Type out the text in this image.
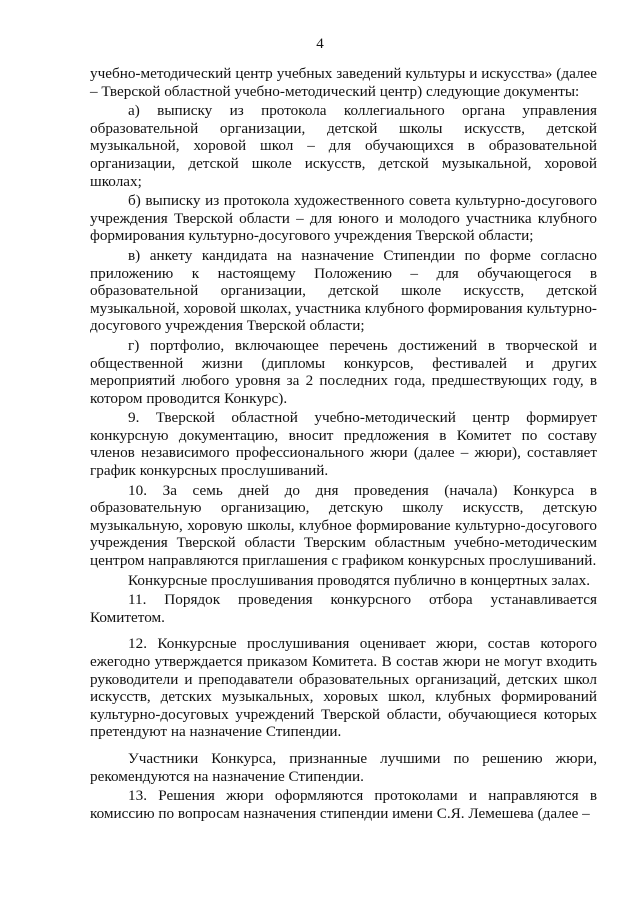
4

учебно-методический центр учебных заведений культуры и искусства» (далее – Тверской областной учебно-методический центр) следующие документы:

а) выписку из протокола коллегиального органа управления образовательной организации, детской школы искусств, детской музыкальной, хоровой школ – для обучающихся в образовательной организации, детской школе искусств, детской музыкальной, хоровой школах;

б) выписку из протокола художественного совета культурно-досугового учреждения Тверской области – для юного и молодого участника клубного формирования культурно-досугового учреждения Тверской области;

в) анкету кандидата на назначение Стипендии по форме согласно приложению к настоящему Положению – для обучающегося в образовательной организации, детской школе искусств, детской музыкальной, хоровой школах, участника клубного формирования культурно-досугового учреждения Тверской области;

г) портфолио, включающее перечень достижений в творческой и общественной жизни (дипломы конкурсов, фестивалей и других мероприятий любого уровня за 2 последних года, предшествующих году, в котором проводится Конкурс).

9. Тверской областной учебно-методический центр формирует конкурсную документацию, вносит предложения в Комитет по составу членов независимого профессионального жюри (далее – жюри), составляет график конкурсных прослушиваний.

10. За семь дней до дня проведения (начала) Конкурса в образовательную организацию, детскую школу искусств, детскую музыкальную, хоровую школы, клубное формирование культурно-досугового учреждения Тверской области Тверским областным учебно-методическим центром направляются приглашения с графиком конкурсных прослушиваний.

Конкурсные прослушивания проводятся публично в концертных залах.

11. Порядок проведения конкурсного отбора устанавливается Комитетом.

12. Конкурсные прослушивания оценивает жюри, состав которого ежегодно утверждается приказом Комитета. В состав жюри не могут входить руководители и преподаватели образовательных организаций, детских школ искусств, детских музыкальных, хоровых школ, клубных формирований культурно-досуговых учреждений Тверской области, обучающиеся которых претендуют на назначение Стипендии.

Участники Конкурса, признанные лучшими по решению жюри, рекомендуются на назначение Стипендии.

13. Решения жюри оформляются протоколами и направляются в комиссию по вопросам назначения стипендии имени С.Я. Лемешева (далее –
